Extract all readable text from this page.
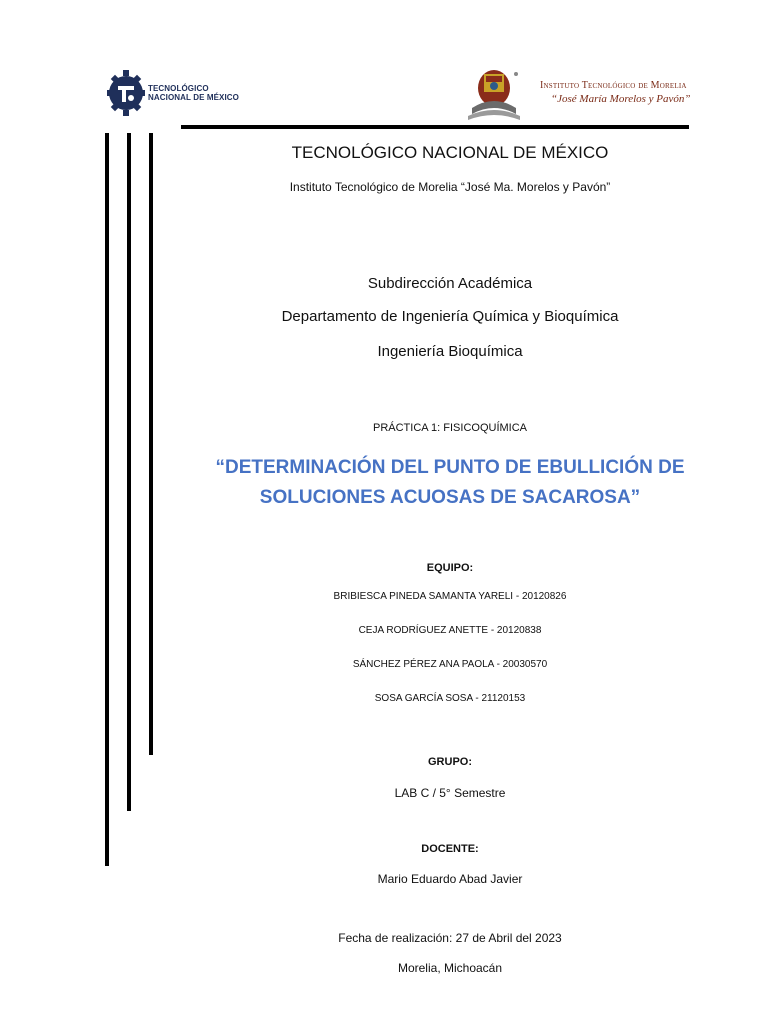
TECNOLÓGICO
NACIONAL DE MÉXICO
Instituto Tecnológico de Morelia
“José María Morelos y Pavón”
TECNOLÓGICO NACIONAL DE MÉXICO
Instituto Tecnológico de Morelia “José Ma. Morelos y Pavón”
Subdirección Académica
Departamento de Ingeniería Química y Bioquímica
Ingeniería Bioquímica
PRÁCTICA 1: FISICOQUÍMICA
“DETERMINACIÓN DEL PUNTO DE EBULLICIÓN DE
SOLUCIONES ACUOSAS DE SACAROSA”
EQUIPO:
BRIBIESCA PINEDA SAMANTA YARELI - 20120826
CEJA RODRÍGUEZ ANETTE - 20120838
SÁNCHEZ PÉREZ ANA PAOLA - 20030570
SOSA GARCÍA SOSA - 21120153
GRUPO:
LAB C / 5° Semestre
DOCENTE:
Mario Eduardo Abad Javier
Fecha de realización: 27 de Abril del 2023
Morelia, Michoacán
